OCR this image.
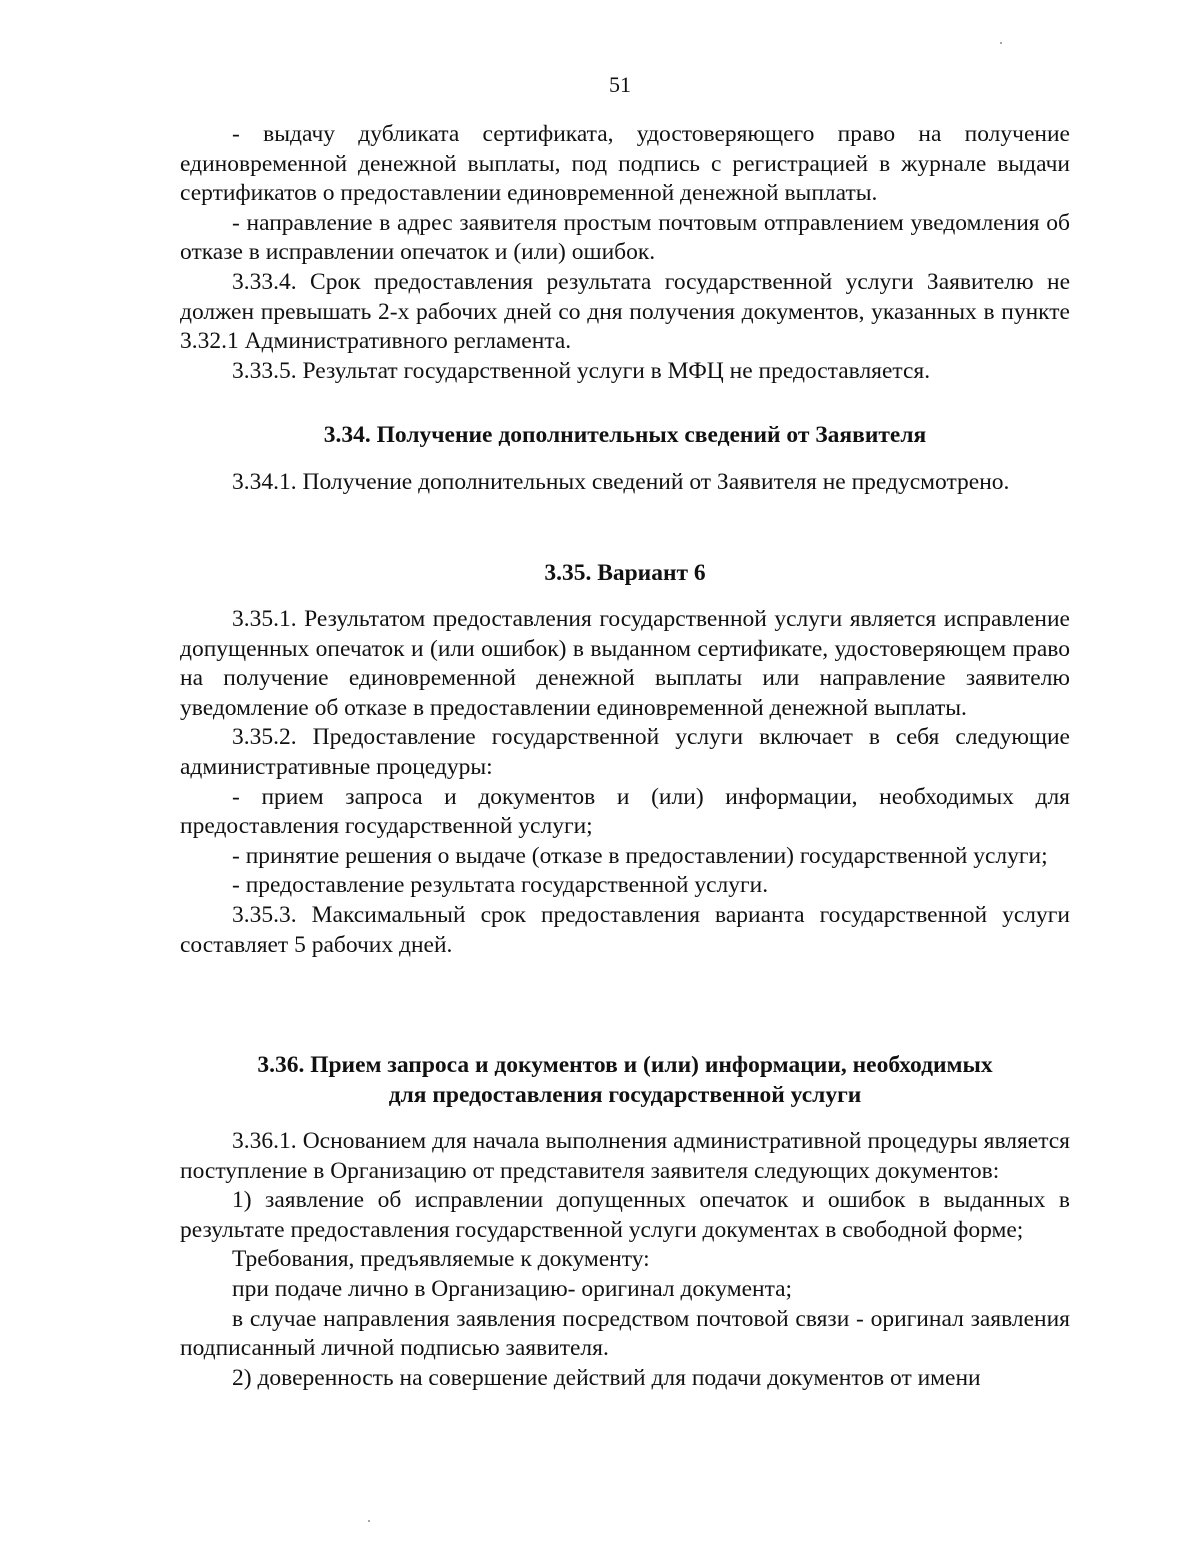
51

- выдачу дубликата сертификата, удостоверяющего право на получение единовременной денежной выплаты, под подпись с регистрацией в журнале выдачи сертификатов о предоставлении единовременной денежной выплаты.

- направление в адрес заявителя простым почтовым отправлением уведомления об отказе в исправлении опечаток и (или) ошибок.

3.33.4. Срок предоставления результата государственной услуги Заявителю не должен превышать 2-х рабочих дней со дня получения документов, указанных в пункте 3.32.1 Административного регламента.

3.33.5. Результат государственной услуги в МФЦ не предоставляется.

3.34. Получение дополнительных сведений от Заявителя

3.34.1. Получение дополнительных сведений от Заявителя не предусмотрено.

3.35. Вариант 6

3.35.1. Результатом предоставления государственной услуги является исправление допущенных опечаток и (или ошибок) в выданном сертификате, удостоверяющем право на получение единовременной денежной выплаты или направление заявителю уведомление об отказе в предоставлении единовременной денежной выплаты.

3.35.2. Предоставление государственной услуги включает в себя следующие административные процедуры:

- прием запроса и документов и (или) информации, необходимых для предоставления государственной услуги;

- принятие решения о выдаче (отказе в предоставлении) государственной услуги;

- предоставление результата государственной услуги.

3.35.3. Максимальный срок предоставления варианта государственной услуги составляет 5 рабочих дней.

3.36. Прием запроса и документов и (или) информации, необходимых
для предоставления государственной услуги

3.36.1. Основанием для начала выполнения административной процедуры является поступление в Организацию от представителя заявителя следующих документов:

1) заявление об исправлении допущенных опечаток и ошибок в выданных в результате предоставления государственной услуги документах в свободной форме;

Требования, предъявляемые к документу:

при подаче лично в Организацию- оригинал документа;

в случае направления заявления посредством почтовой связи - оригинал заявления подписанный личной подписью заявителя.

2) доверенность на совершение действий для подачи документов от имени
